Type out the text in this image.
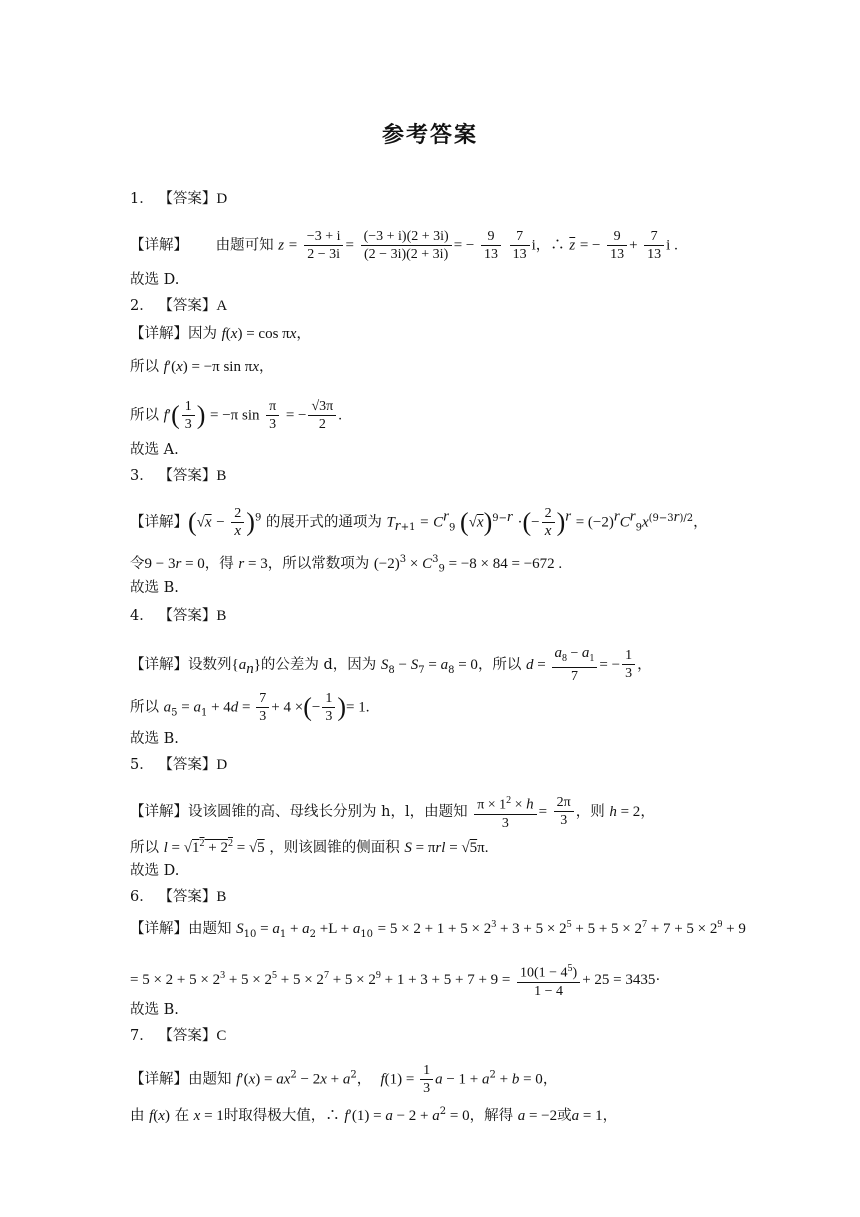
参考答案
1． 【答案】D
【详解】 由题可知 $z = \frac{-3 + i}{2 - 3i} = \frac{(-3 + i)(2 + 3i)}{(2 - 3i)(2 + 3i)}$ = − $\frac{9}{13}$
$\frac{7}{13}$ i，∴ $\overline{z}$ = − $\frac{9}{13} + \frac{7}{13}$ i .
故选 D.
2． 【答案】A
【详解】因为 f(x) = cos πx，
所以 f′(x) = −π sin πx，
所以 $f'( \frac{1}{3}$ ) = −π $\sin \frac{\pi}{3}$ = − $\frac{√3\pi}{2}$ .
故选 A.
3． 【答案】B
【详解】$(√x - \frac{2}{x} )^9$ 的展开式的通项为 $T_{r+1} = C^r_9$ $(√x)^{9-r}$ ·(− $\frac{2}{x} )^r = (-2)^rC^r_9x^{(9-3r)/2}$，
令9 − 3r = 0，得 r = 3，所以常数项为 $(-2)^3 \times C^3_9 = -8 \times 84 = -672$ .
故选 B.
4． 【答案】B
【详解】设数列$\{a_n\}$的公差为 d，因为 $S_8 - S_7 = a_8 = 0$，所以 $d = \frac{a_8 - a_1}{7}$ = − $\frac{1}{3}$ ，
所以 $a_5 = a_1 + 4d = \frac{7}{3} + 4$ ×(− $\frac{1}{3}$ )= 1.
故选 B.
5． 【答案】D
【详解】设该圆锥的高、母线长分别为 h，l，由题知 $\frac{\pi \times 1^2 \times h}{3} = \frac{2\pi}{3}$ ，则 h = 2，
所以 $l = √1^2 + 2^2 = √5$ ，则该圆锥的侧面积 S = πrl = √5π.
故选 D.
6． 【答案】B
【详解】由题知 $S_{10} = a_1 + a_2 +L + a_{10} = 5 \times 2 + 1 + 5 \times 2^3 + 3 + 5 \times 2^5 + 5 + 5 \times 2^7 + 7 + 5 \times 2^9 + 9$
= $5 \times 2 + 5 \times 2^3 + 5 \times 2^5 + 5 \times 2^7 + 5 \times 2^9 + 1 + 3 + 5 + 7 + 9 = \frac{10(1 - 4^5)}{1 - 4} + 25 = 3435\cdot$
故选 B.
7． 【答案】C
【详解】由题知 $f'(x) = ax^2 - 2x + a^2$，  $f(1) = \frac{1}{3}$ $a - 1 + a^2 + b = 0$，
由 f(x) 在 x = 1时取得极大值，∴ $f'(1) = a - 2 + a^2 = 0$，解得 a = −2或a = 1，
